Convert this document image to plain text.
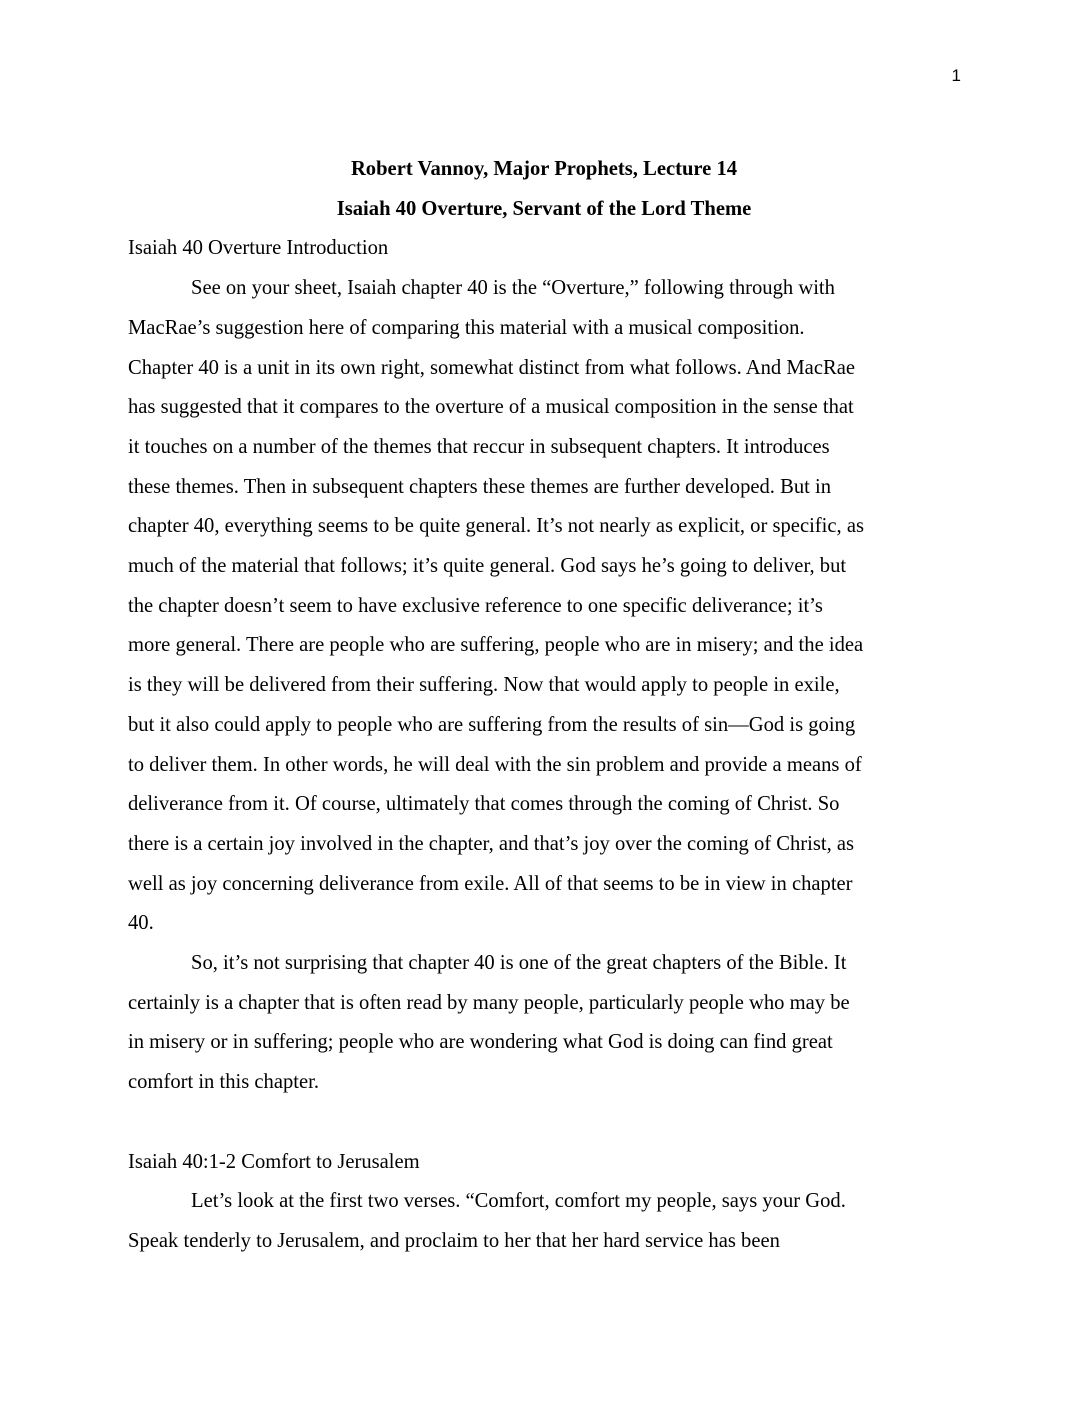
1
Robert Vannoy, Major Prophets, Lecture 14
Isaiah 40 Overture, Servant of the Lord Theme
Isaiah 40 Overture Introduction

See on your sheet, Isaiah chapter 40 is the “Overture,” following through with
MacRae’s suggestion here of comparing this material with a musical composition.
Chapter 40 is a unit in its own right, somewhat distinct from what follows. And MacRae
has suggested that it compares to the overture of a musical composition in the sense that
it touches on a number of the themes that reccur in subsequent chapters. It introduces
these themes. Then in subsequent chapters these themes are further developed. But in
chapter 40, everything seems to be quite general. It’s not nearly as explicit, or specific, as
much of the material that follows; it’s quite general. God says he’s going to deliver, but
the chapter doesn’t seem to have exclusive reference to one specific deliverance; it’s
more general. There are people who are suffering, people who are in misery; and the idea
is they will be delivered from their suffering. Now that would apply to people in exile,
but it also could apply to people who are suffering from the results of sin—God is going
to deliver them. In other words, he will deal with the sin problem and provide a means of
deliverance from it. Of course, ultimately that comes through the coming of Christ. So
there is a certain joy involved in the chapter, and that’s joy over the coming of Christ, as
well as joy concerning deliverance from exile. All of that seems to be in view in chapter
40.

So, it’s not surprising that chapter 40 is one of the great chapters of the Bible. It
certainly is a chapter that is often read by many people, particularly people who may be
in misery or in suffering; people who are wondering what God is doing can find great
comfort in this chapter.

Isaiah 40:1-2 Comfort to Jerusalem

Let’s look at the first two verses. “Comfort, comfort my people, says your God.
Speak tenderly to Jerusalem, and proclaim to her that her hard service has been
